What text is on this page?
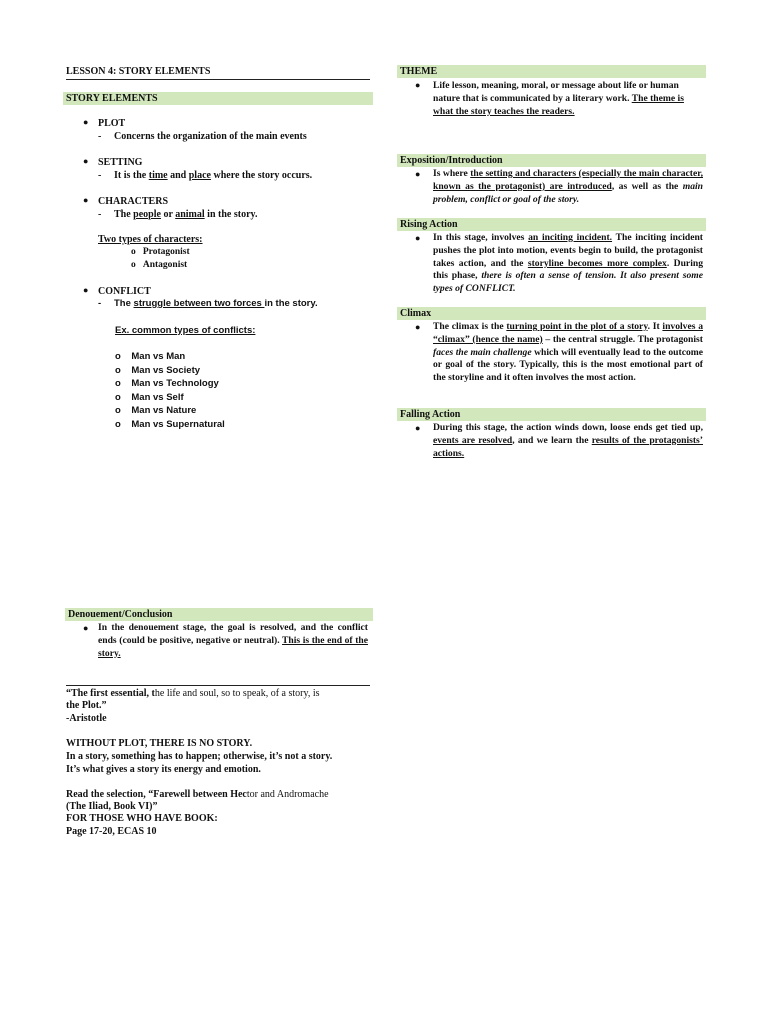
LESSON 4: STORY ELEMENTS
STORY ELEMENTS
● PLOT
- Concerns the organization of the main events
● SETTING
- It is the time and place where the story occurs.
● CHARACTERS
- The people or animal in the story.
Two types of characters:
o   Protagonist
o   Antagonist
● CONFLICT
- The struggle between two forces in the story.
Ex. common types of conflicts:
o    Man vs Man
o    Man vs Society
o    Man vs Technology
o    Man vs Self
o    Man vs Nature
o    Man vs Supernatural
Denouement/Conclusion
● In the denouement stage, the goal is resolved, and the conflict ends (could be positive, negative or neutral). This is the end of the story.

“The first essential, the life and soul, so to speak, of a story, is
the Plot.”
-Aristotle
WITHOUT PLOT, THERE IS NO STORY.
In a story, something has to happen; otherwise, it’s not a story.
It’s what gives a story its energy and emotion.
Read the selection, “Farewell between Hector and Andromache
(The Iliad, Book VI)”
FOR THOSE WHO HAVE BOOK:
Page 17-20, ECAS 10
THEME
● Life lesson, meaning, moral, or message about life or human nature that is communicated by a literary work. The theme is what the story teaches the readers.

Exposition/Introduction
● Is where the setting and characters (especially the main character, known as the protagonist) are introduced, as well as the main problem, conflict or goal of the story.

Rising Action
● In this stage, involves an inciting incident. The inciting incident pushes the plot into motion, events begin to build, the protagonist takes action, and the storyline becomes more complex. During this phase, there is often a sense of tension. It also present some types of CONFLICT.

Climax
● The climax is the turning point in the plot of a story. It involves a “climax” (hence the name) – the central struggle. The protagonist faces the main challenge which will eventually lead to the outcome or goal of the story. Typically, this is the most emotional part of the storyline and it often involves the most action.

Falling Action
● During this stage, the action winds down, loose ends get tied up, events are resolved, and we learn the results of the protagonists’ actions.
